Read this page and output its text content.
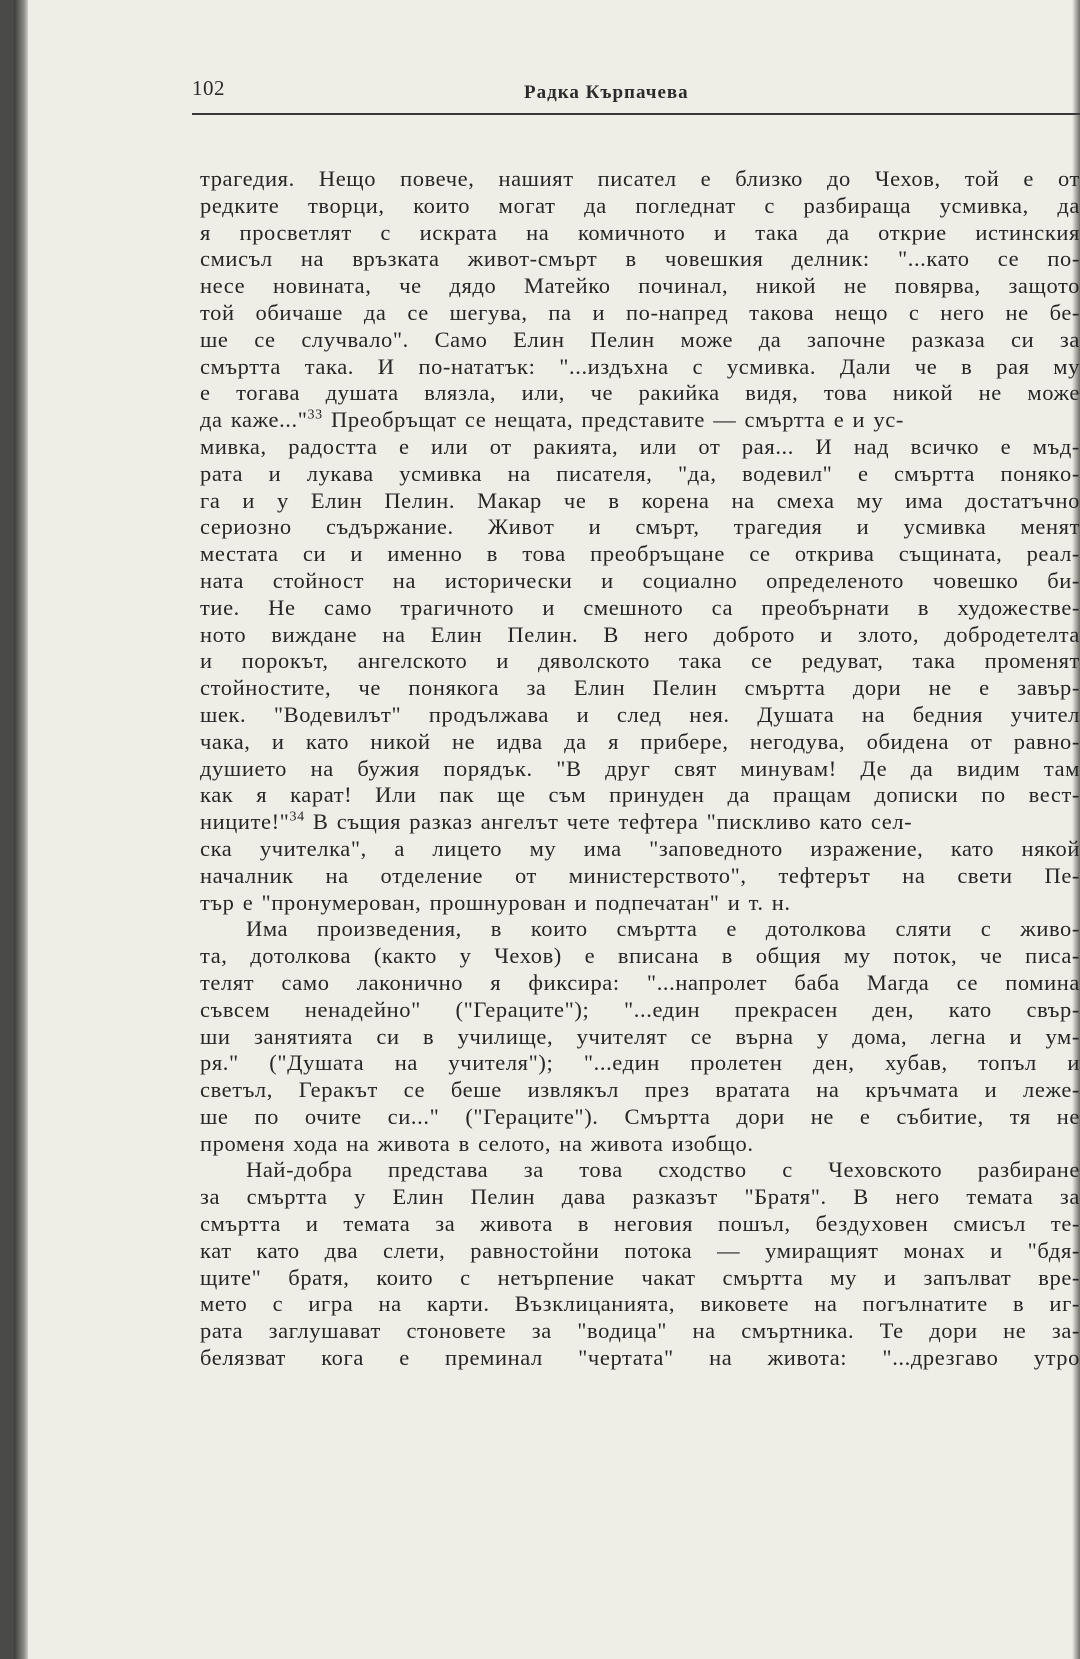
102	Радка Кърпачева
трагедия. Нещо повече, нашият писател е близко до Чехов, той е от
редките творци, които могат да погледнат с разбираща усмивка, да
я просветлят с искрата на комичното и така да открие истинския
смисъл на връзката живот-смърт в човешкия делник: "...като се по-
несе новината, че дядо Матейко починал, никой не повярва, защото
той обичаше да се шегува, па и по-напред такова нещо с него не бе-
ше се случвало". Само Елин Пелин може да започне разказа си за
смъртта така. И по-нататък: "...издъхна с усмивка. Дали че в рая му
е тогава душата влязла, или, че ракийка видя, това никой не може
да каже..."$^{33}$ Преобръщат се нещата, представите — смъртта е и ус-
мивка, радостта е или от ракията, или от рая... И над всичко е мъд-
рата и лукава усмивка на писателя, "да, водевил" е смъртта понякo-
га и у Елин Пелин. Макар че в корена на смеха му има достатъчно
сериозно съдържание. Живот и смърт, трагедия и усмивка менят
местата си и именно в това преобръщане се открива същината, реал-
ната стойност на исторически и социално определеното човешко би-
тие. Не само трагичното и смешното са преобърнати в художестве-
ното виждане на Елин Пелин. В него доброто и злото, добродетелта
и порокът, ангелското и дяволското така се редуват, така променят
стойностите, че понякога за Елин Пелин смъртта дори не е завър-
шек. "Водевилът" продължава и след нея. Душата на бедния учител
чака, и като никой не идва да я прибере, негодува, обидена от равно-
душието на бужия порядък. "В друг свят минувам! Де да видим там
как я карат! Или пак ще съм принуден да пращам дописки по вест-
ниците!"$^{34}$ В същия разказ ангелът чете тефтера "пискливо като сел-
ска учителка", а лицето му има "заповедното изражение, като някой
началник на отделение от министерството", тефтерът на свети Пе-
тър е "пронумерован, прошнурован и подпечатан" и т. н.
Има произведения, в които смъртта е дотолкова сляти с живо-
та, дотолкова (както у Чехов) е вписана в общия му поток, че писа-
телят само лаконично я фиксира: "...напролет баба Магда се помина
съвсем ненадейно" ("Гераците"); "...един прекрасен ден, като свър-
ши занятията си в училище, учителят се върна у дома, легна и ум-
ря." ("Душата на учителя"); "...един пролетен ден, хубав, топъл и
светъл, Геракът се беше извлякъл през вратата на кръчмата и леже-
ше по очите си..." ("Гераците"). Смъртта дори не е събитие, тя не
променя хода на живота в селото, на живота изобщо.
Най-добра представа за това сходство с Чеховското разбиране
за смъртта у Елин Пелин дава разказът "Братя". В него темата за
смъртта и темата за живота в неговия пошъл, бездуховен смисъл те-
кат като два слети, равностойни потока — умиращият монах и "бдя-
щите" братя, които с нетърпение чакат смъртта му и запълват вре-
мето с игра на карти. Възклицанията, виковете на погълнатите в иг-
рата заглушават стоновете за "водица" на смъртника. Те дори не за-
белязват кога е преминал "чертата" на живота: "...дрезгаво утро
